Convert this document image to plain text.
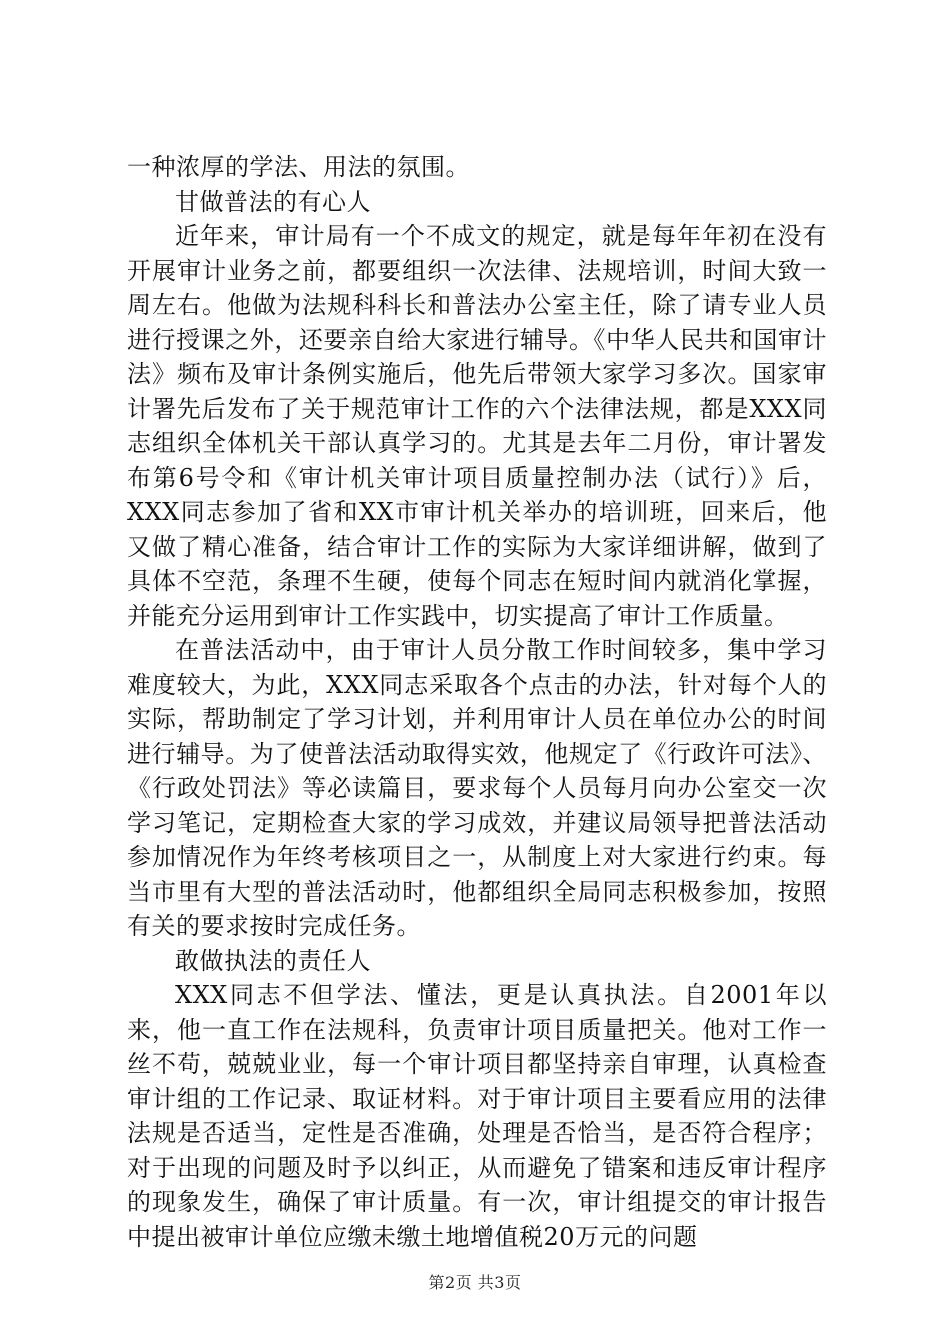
一种浓厚的学法、用法的氛围。

甘做普法的有心人

近年来，审计局有一个不成文的规定，就是每年年初在没有开展审计业务之前，都要组织一次法律、法规培训，时间大致一周左右。他做为法规科科长和普法办公室主任，除了请专业人员进行授课之外，还要亲自给大家进行辅导。《中华人民共和国审计法》频布及审计条例实施后，他先后带领大家学习多次。国家审计署先后发布了关于规范审计工作的六个法律法规，都是XXX同志组织全体机关干部认真学习的。尤其是去年二月份，审计署发布第6号令和《审计机关审计项目质量控制办法（试行）》后，XXX同志参加了省和XX市审计机关举办的培训班，回来后，他又做了精心准备，结合审计工作的实际为大家详细讲解，做到了具体不空范，条理不生硬，使每个同志在短时间内就消化掌握，并能充分运用到审计工作实践中，切实提高了审计工作质量。

在普法活动中，由于审计人员分散工作时间较多，集中学习难度较大，为此，XXX同志采取各个点击的办法，针对每个人的实际，帮助制定了学习计划，并利用审计人员在单位办公的时间进行辅导。为了使普法活动取得实效，他规定了《行政许可法》、《行政处罚法》等必读篇目，要求每个人员每月向办公室交一次学习笔记，定期检查大家的学习成效，并建议局领导把普法活动参加情况作为年终考核项目之一，从制度上对大家进行约束。每当市里有大型的普法活动时，他都组织全局同志积极参加，按照有关的要求按时完成任务。

敢做执法的责任人

XXX同志不但学法、懂法，更是认真执法。自2001年以来，他一直工作在法规科，负责审计项目质量把关。他对工作一丝不苟，兢兢业业，每一个审计项目都坚持亲自审理，认真检查审计组的工作记录、取证材料。对于审计项目主要看应用的法律法规是否适当，定性是否准确，处理是否恰当，是否符合程序；对于出现的问题及时予以纠正，从而避免了错案和违反审计程序的现象发生，确保了审计质量。有一次，审计组提交的审计报告中提出被审计单位应缴未缴土地增值税20万元的问题

第2页 共3页
